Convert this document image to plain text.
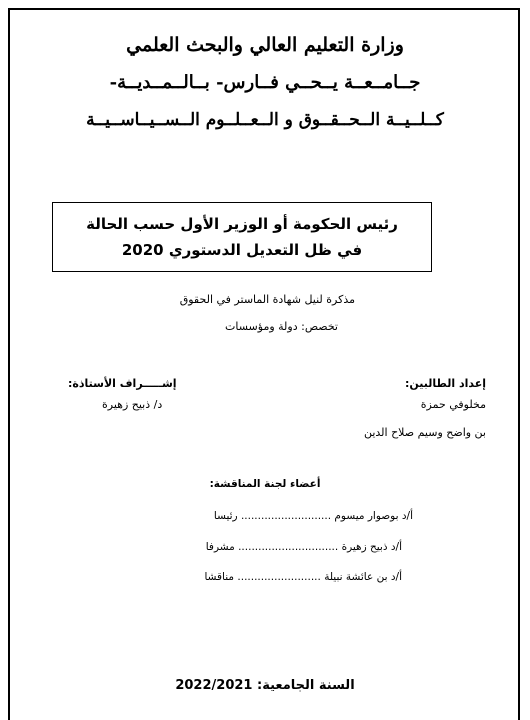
وزارة التعليم العالي والبحث العلمي
جــامــعــة يــحــي فــارس- بــالــمــديــة-
كــلــيــة الــحــقــوق و الــعــلــوم الــســيــاســيــة
رئيس الحكومة أو الوزير الأول حسب الحالة
في ظل التعديل الدستوري 2020
مذكرة لنيل شهادة الماستر في الحقوق
تخصص: دولة ومؤسسات
إعداد الطالبين:
مخلوفي حمزة
بن واضح وسيم صلاح الدين
إشـــــراف الأستاذة:
د/ ذبيح زهيرة
أعضاء لجنة المناقشة:
أ/د بوصوار ميسوم ........................... رئيسا
أ/د ذبيح زهيرة .............................. مشرفا
أ/د بن عائشة نبيلة ......................... مناقشا
السنة الجامعية: 2022/2021
